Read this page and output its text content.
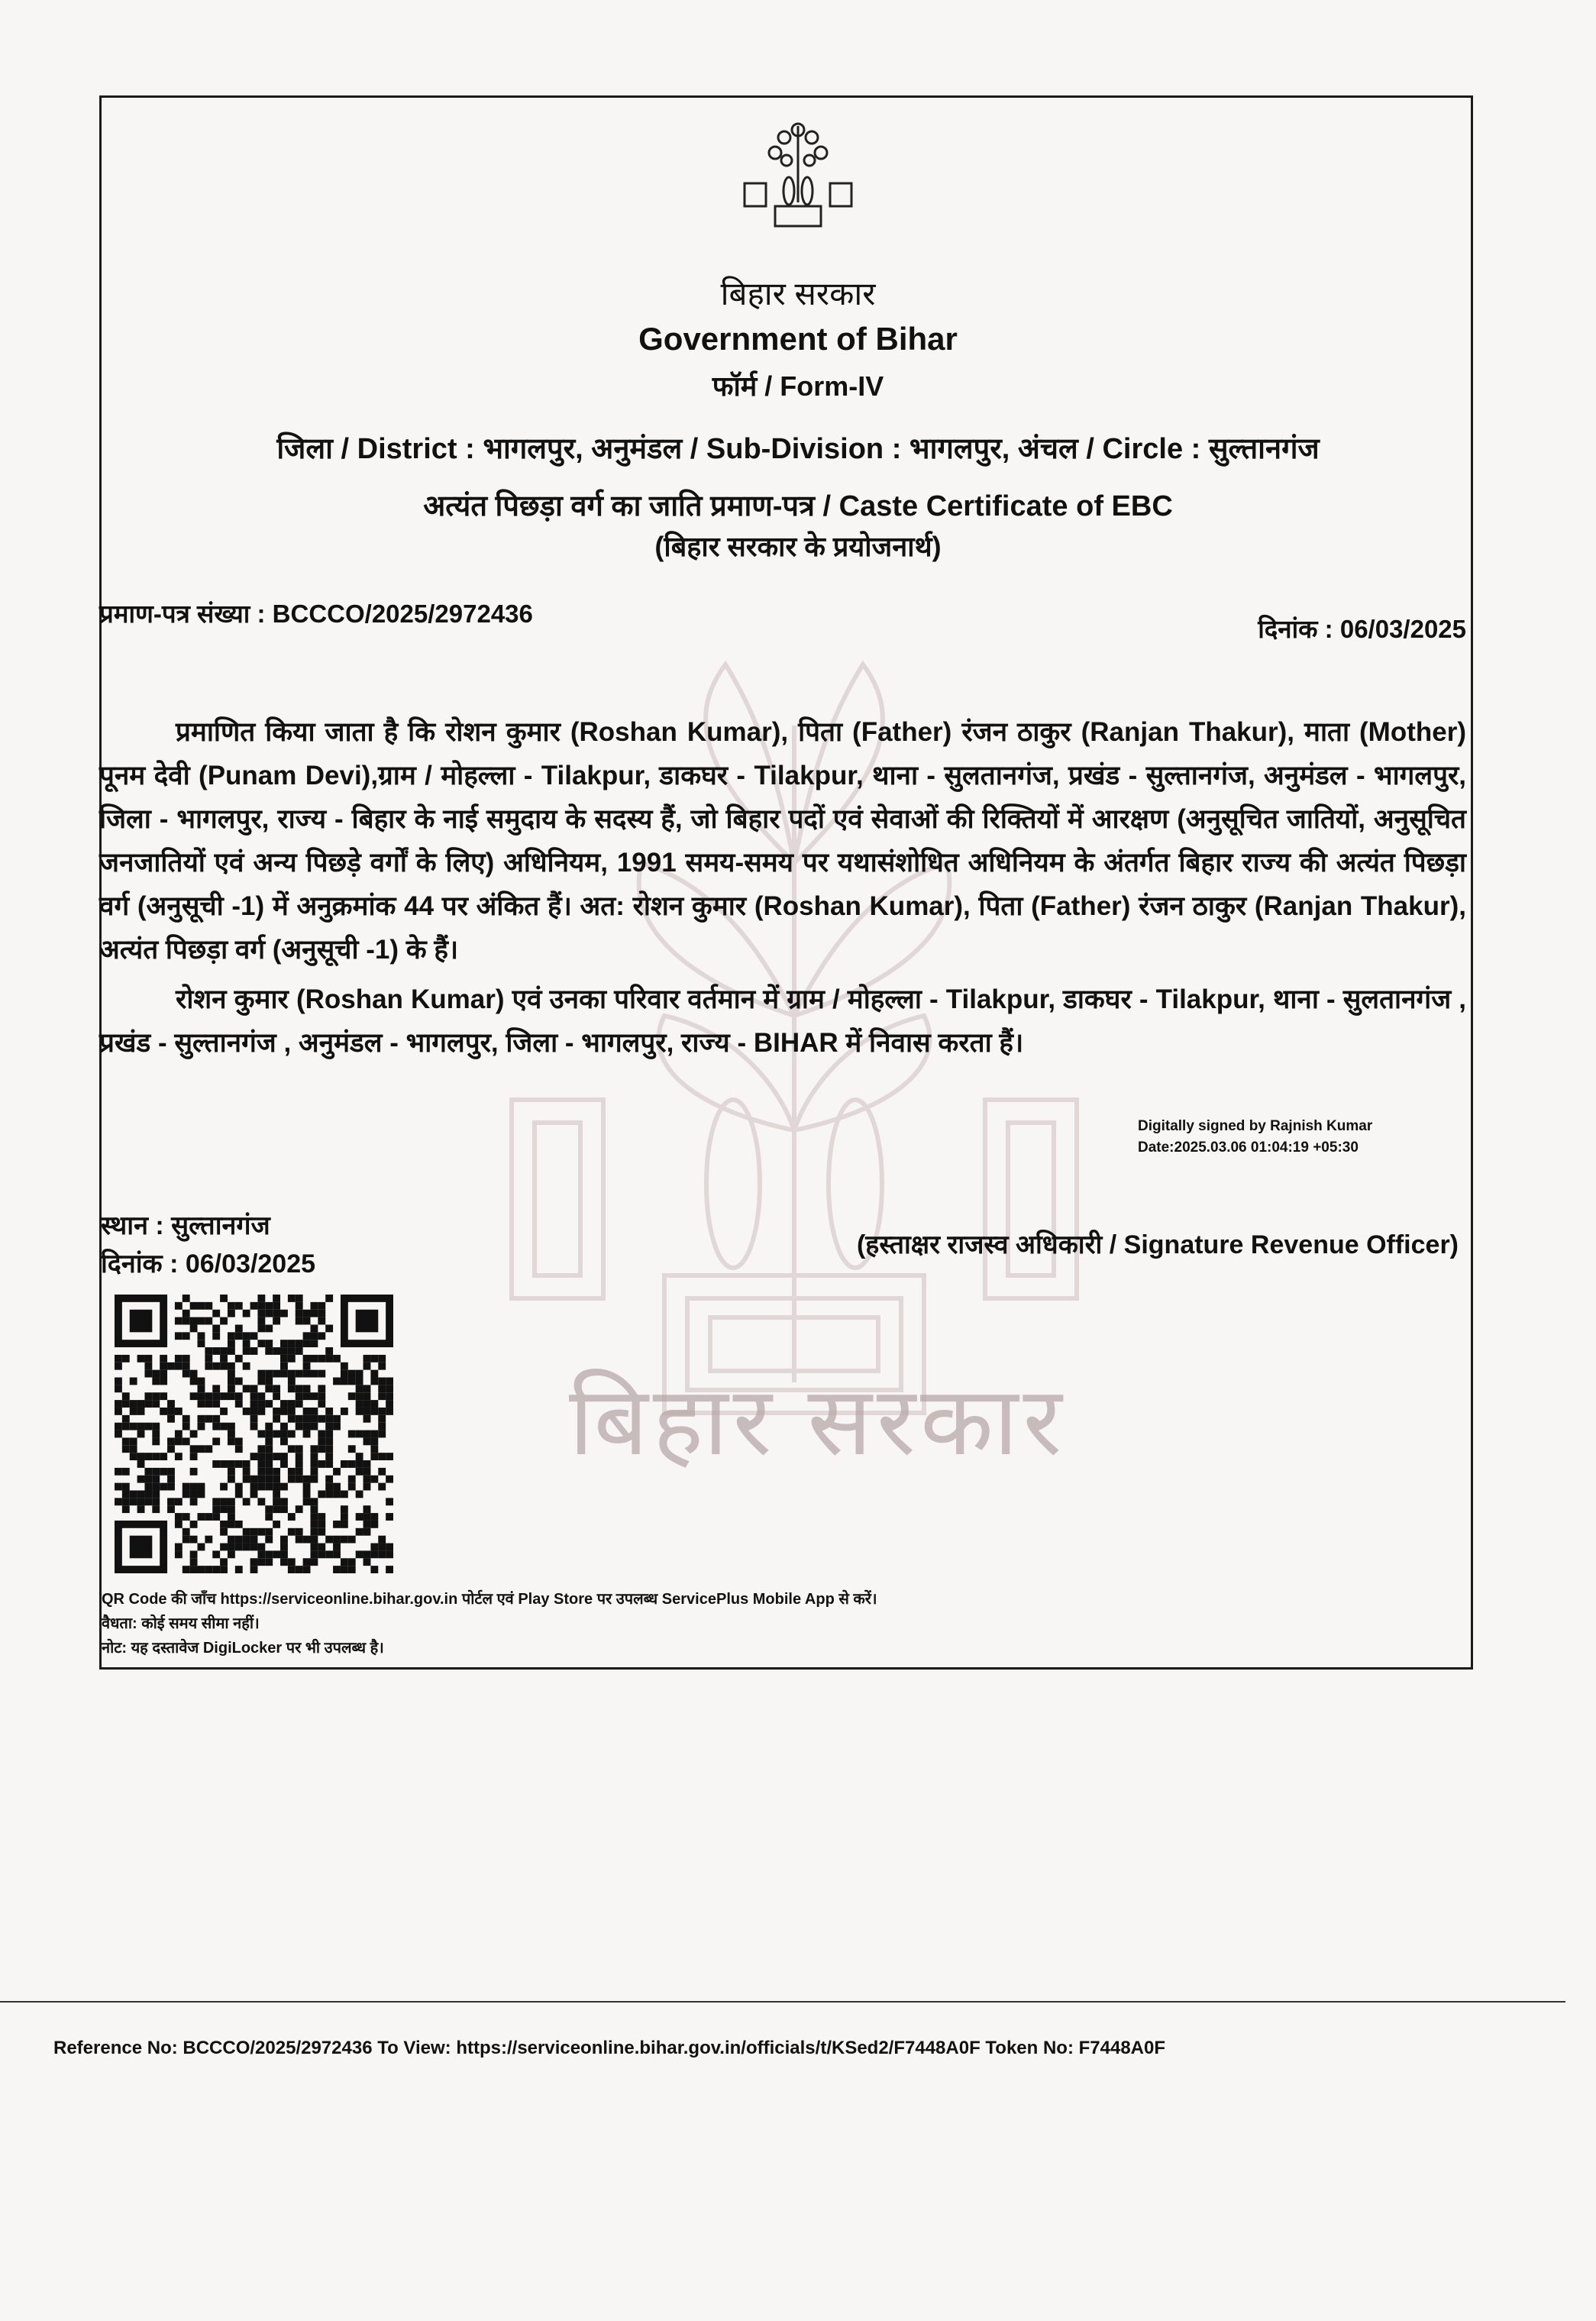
बिहार सरकार
बिहार सरकार
Government of Bihar
फॉर्म / Form-IV
जिला / District : भागलपुर, अनुमंडल / Sub-Division : भागलपुर, अंचल / Circle : सुल्तानगंज
अत्यंत पिछड़ा वर्ग का जाति प्रमाण-पत्र / Caste Certificate of EBC
(बिहार सरकार के प्रयोजनार्थ)
प्रमाण-पत्र संख्या : BCCCO/2025/2972436
दिनांक : 06/03/2025
प्रमाणित किया जाता है कि रोशन कुमार (Roshan Kumar), पिता (Father) रंजन ठाकुर (Ranjan Thakur), माता (Mother) पूनम देवी (Punam Devi),ग्राम / मोहल्ला - Tilakpur, डाकघर - Tilakpur, थाना - सुलतानगंज, प्रखंड - सुल्तानगंज, अनुमंडल - भागलपुर, जिला - भागलपुर, राज्य - बिहार के नाई समुदाय के सदस्य हैं, जो बिहार पदों एवं सेवाओं की रिक्तियों में आरक्षण (अनुसूचित जातियों, अनुसूचित जनजातियों एवं अन्य पिछड़े वर्गों के लिए) अधिनियम, 1991 समय-समय पर यथासंशोधित अधिनियम के अंतर्गत बिहार राज्य की अत्यंत पिछड़ा वर्ग (अनुसूची -1) में अनुक्रमांक 44 पर अंकित हैं। अत: रोशन कुमार (Roshan Kumar), पिता (Father) रंजन ठाकुर (Ranjan Thakur), अत्यंत पिछड़ा वर्ग (अनुसूची -1) के हैं।
रोशन कुमार (Roshan Kumar) एवं उनका परिवार वर्तमान में ग्राम / मोहल्ला - Tilakpur, डाकघर - Tilakpur, थाना - सुलतानगंज , प्रखंड - सुल्तानगंज , अनुमंडल - भागलपुर, जिला - भागलपुर, राज्य - BIHAR में निवास करता हैं।
Digitally signed by Rajnish Kumar
Date:2025.03.06 01:04:19 +05:30
स्थान : सुल्तानगंज
दिनांक : 06/03/2025
(हस्ताक्षर राजस्व अधिकारी / Signature Revenue Officer)
QR Code की जाँच https://serviceonline.bihar.gov.in पोर्टल एवं Play Store पर उपलब्ध ServicePlus Mobile App से करें।
वैधता: कोई समय सीमा नहीं।
नोट: यह दस्तावेज DigiLocker पर भी उपलब्ध है।
Reference No: BCCCO/2025/2972436 To View: https://serviceonline.bihar.gov.in/officials/t/KSed2/F7448A0F Token No: F7448A0F
